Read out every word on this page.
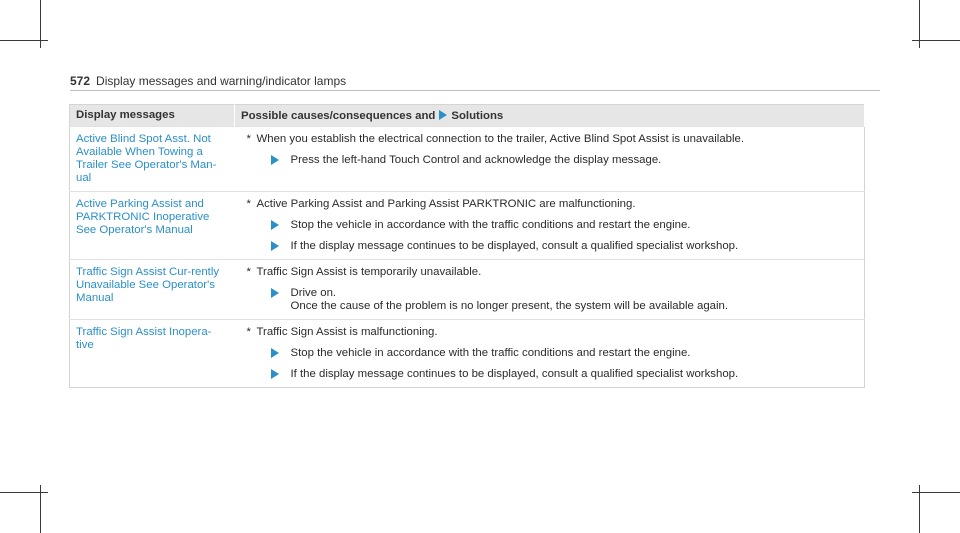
572 Display messages and warning/indicator lamps
Display messages	Possible causes/consequences and Solutions
Active Blind Spot Asst. Not Available When Towing a Trailer See Operator's Man-ual	* When you establish the electrical connection to the trailer, Active Blind Spot Assist is unavailable.
Press the left-hand Touch Control and acknowledge the display message.

Active Parking Assist and PARKTRONIC Inoperative See Operator's Manual	* Active Parking Assist and Parking Assist PARKTRONIC are malfunctioning.
Stop the vehicle in accordance with the traffic conditions and restart the engine.
If the display message continues to be displayed, consult a qualified specialist workshop.

Traffic Sign Assist Cur-rently Unavailable See Operator's Manual	* Traffic Sign Assist is temporarily unavailable.
Drive on.
Once the cause of the problem is no longer present, the system will be available again.

Traffic Sign Assist Inopera-tive	* Traffic Sign Assist is malfunctioning.
Stop the vehicle in accordance with the traffic conditions and restart the engine.
If the display message continues to be displayed, consult a qualified specialist workshop.
